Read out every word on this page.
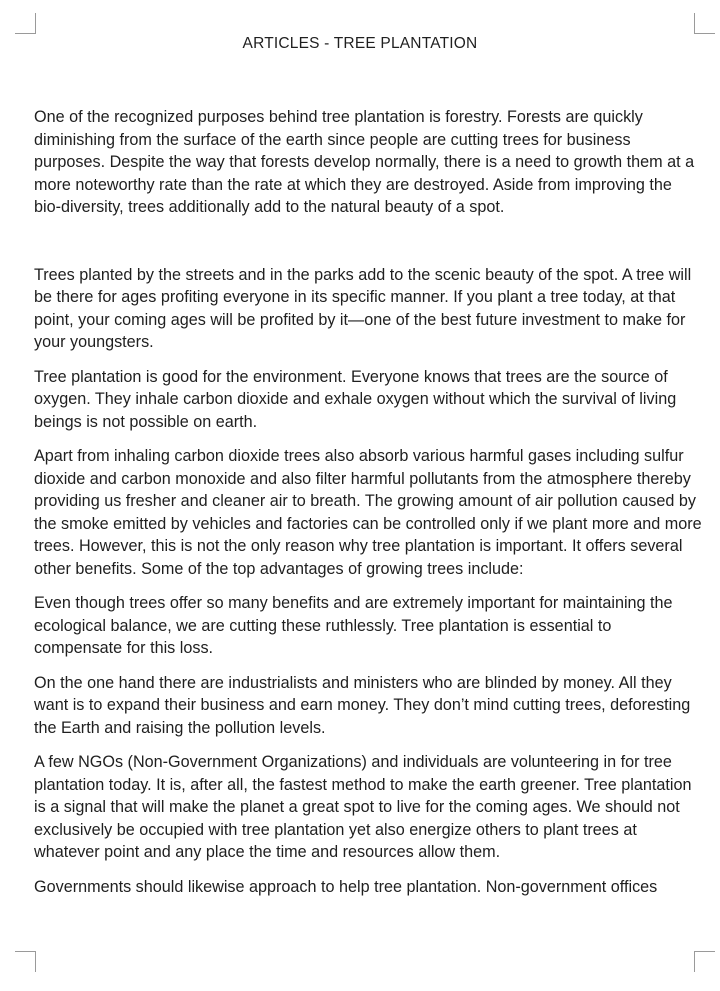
ARTICLES - TREE PLANTATION

One of the recognized purposes behind tree plantation is forestry. Forests are quickly diminishing from the surface of the earth since people are cutting trees for business purposes. Despite the way that forests develop normally, there is a need to growth them at a more noteworthy rate than the rate at which they are destroyed. Aside from improving the bio-diversity, trees additionally add to the natural beauty of a spot.

Trees planted by the streets and in the parks add to the scenic beauty of the spot. A tree will be there for ages profiting everyone in its specific manner. If you plant a tree today, at that point, your coming ages will be profited by it—one of the best future investment to make for your youngsters.

Tree plantation is good for the environment. Everyone knows that trees are the source of oxygen. They inhale carbon dioxide and exhale oxygen without which the survival of living beings is not possible on earth.

Apart from inhaling carbon dioxide trees also absorb various harmful gases including sulfur dioxide and carbon monoxide and also filter harmful pollutants from the atmosphere thereby providing us fresher and cleaner air to breath. The growing amount of air pollution caused by the smoke emitted by vehicles and factories can be controlled only if we plant more and more trees. However, this is not the only reason why tree plantation is important. It offers several other benefits. Some of the top advantages of growing trees include:

Even though trees offer so many benefits and are extremely important for maintaining the ecological balance, we are cutting these ruthlessly. Tree plantation is essential to compensate for this loss.

On the one hand there are industrialists and ministers who are blinded by money. All they want is to expand their business and earn money. They don’t mind cutting trees, deforesting the Earth and raising the pollution levels.

A few NGOs (Non-Government Organizations) and individuals are volunteering in for tree plantation today. It is, after all, the fastest method to make the earth greener. Tree plantation is a signal that will make the planet a great spot to live for the coming ages. We should not exclusively be occupied with tree plantation yet also energize others to plant trees at whatever point and any place the time and resources allow them.

Governments should likewise approach to help tree plantation. Non-government offices
